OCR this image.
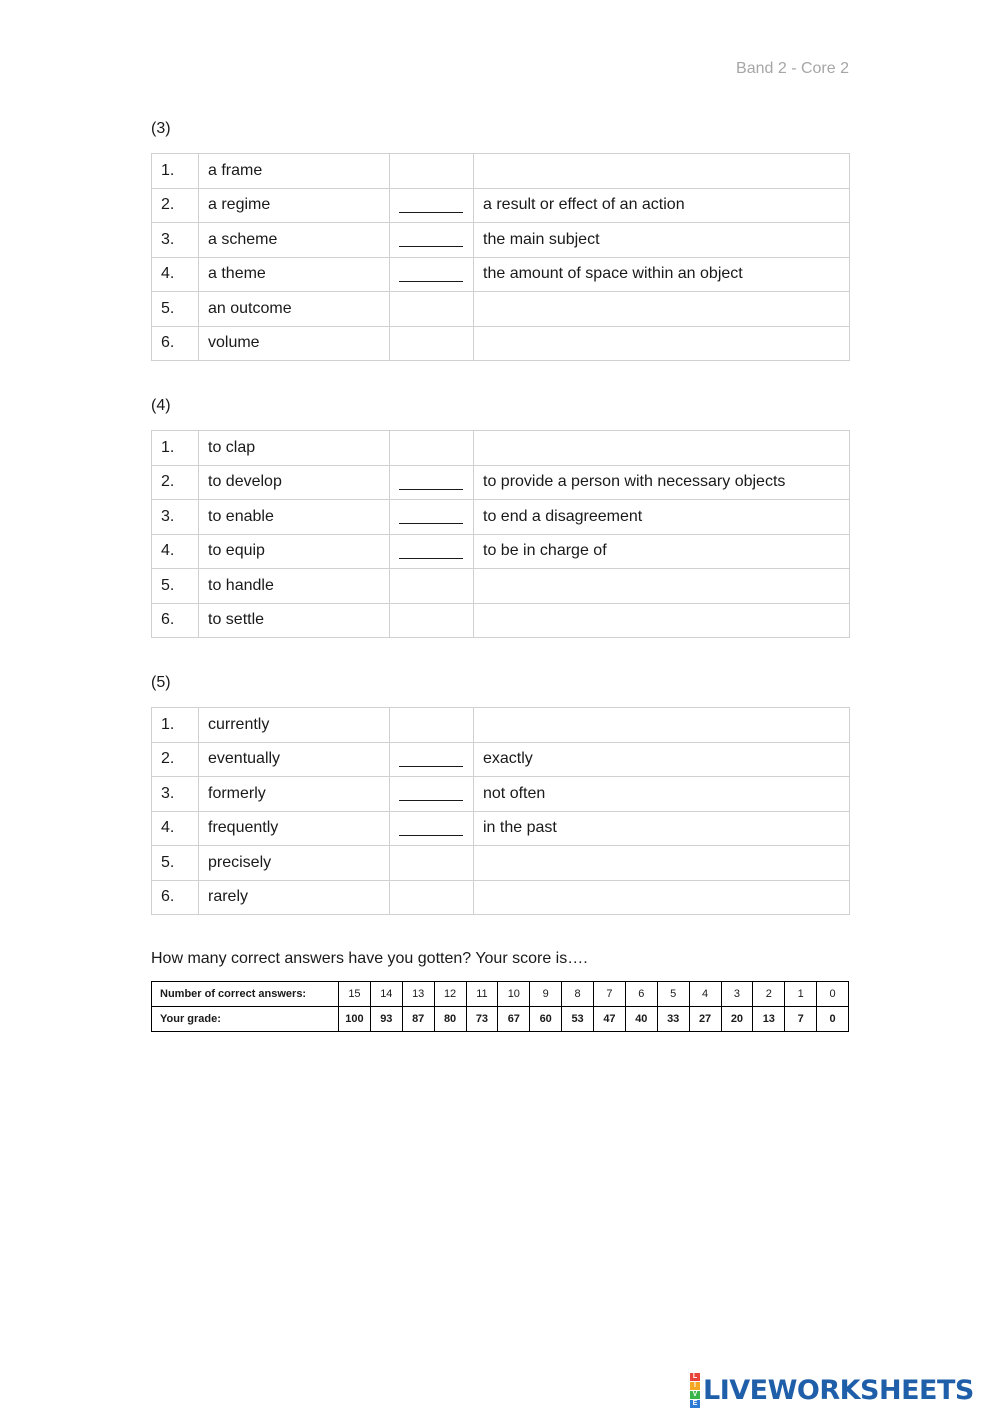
Band 2 - Core 2
(3)
1.	a frame		
2.	a regime		a result or effect of an action
3.	a scheme		the main subject
4.	a theme		the amount of space within an object
5.	an outcome		
6.	volume		
(4)
1.	to clap		
2.	to develop		to provide a person with necessary objects
3.	to enable		to end a disagreement
4.	to equip		to be in charge of
5.	to handle		
6.	to settle		
(5)
1.	currently		
2.	eventually		exactly
3.	formerly		not often
4.	frequently		in the past
5.	precisely		
6.	rarely		
How many correct answers have you gotten? Your score is….
Number of correct answers:	15	14	13	12	11	10	9	8	7	6	5	4	3	2	1	0
Your grade:	100	93	87	80	73	67	60	53	47	40	33	27	20	13	7	0
L
I
V
E LIVEWORKSHEETS
